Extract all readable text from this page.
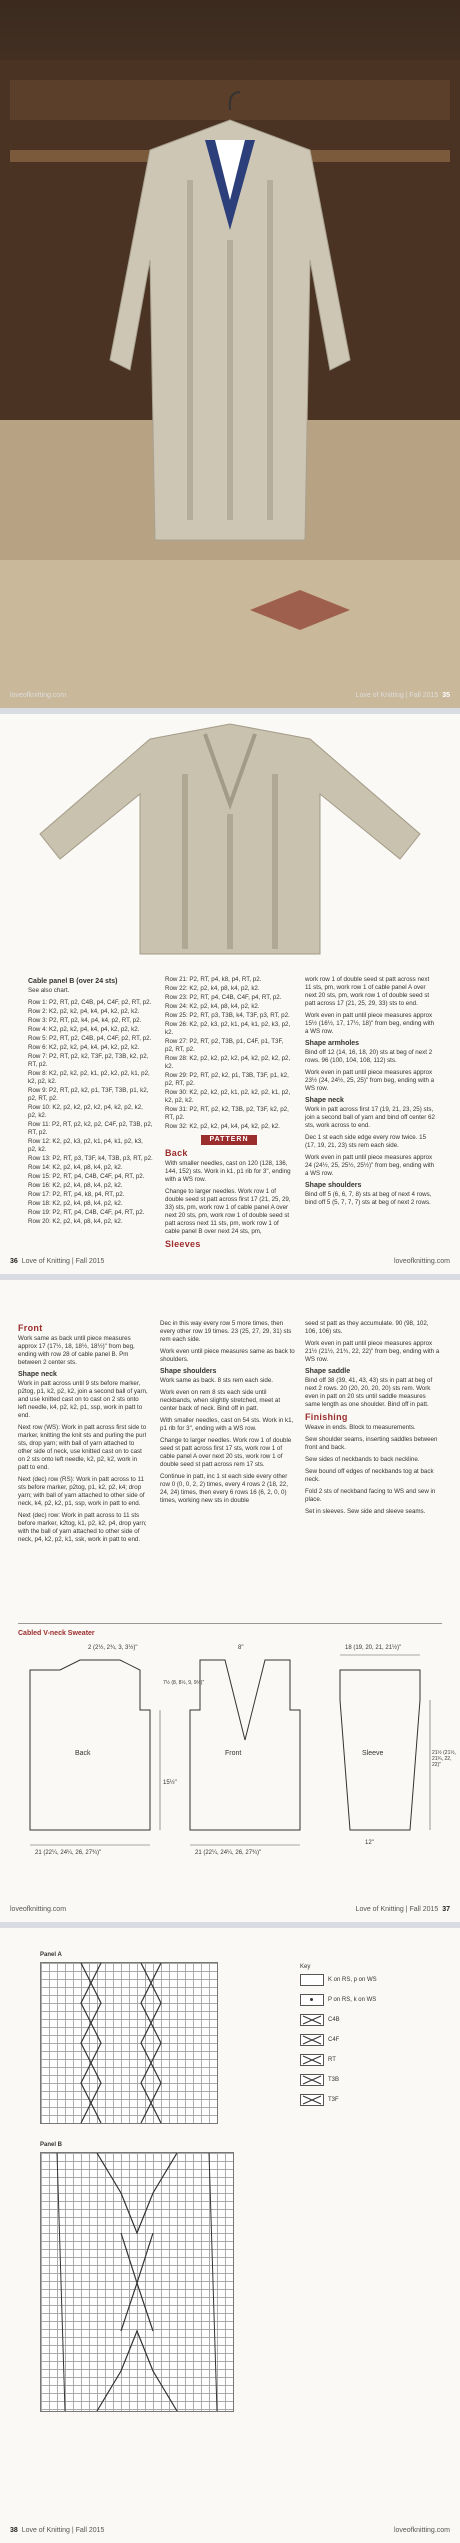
loveofknitting.com	Love of Knitting | Fall 2015 35
Cable panel B (over 24 sts)

See also chart.

Row 1: P2, RT, p2, C4B, p4, C4F, p2, RT, p2.

Row 2: K2, p2, k2, p4, k4, p4, k2, p2, k2.

Row 3: P2, RT, p2, k4, p4, k4, p2, RT, p2.

Row 4: K2, p2, k2, p4, k4, p4, k2, p2, k2.

Row 5: P2, RT, p2, C4B, p4, C4F, p2, RT, p2.

Row 6: K2, p2, k2, p4, k4, p4, k2, p2, k2.

Row 7: P2, RT, p2, k2, T3F, p2, T3B, k2, p2, RT, p2.

Row 8: K2, p2, k2, p2, k1, p2, k2, p2, k1, p2, k2, p2, k2.

Row 9: P2, RT, p2, k2, p1, T3F, T3B, p1, k2, p2, RT, p2.

Row 10: K2, p2, k2, p2, k2, p4, k2, p2, k2, p2, k2.

Row 11: P2, RT, p2, k2, p2, C4F, p2, T3B, p2, RT, p2.

Row 12: K2, p2, k3, p2, k1, p4, k1, p2, k3, p2, k2.

Row 13: P2, RT, p3, T3F, k4, T3B, p3, RT, p2.

Row 14: K2, p2, k4, p8, k4, p2, k2.

Row 15: P2, RT, p4, C4B, C4F, p4, RT, p2.

Row 16: K2, p2, k4, p8, k4, p2, k2.

Row 17: P2, RT, p4, k8, p4, RT, p2.

Row 18: K2, p2, k4, p8, k4, p2, k2.

Row 19: P2, RT, p4, C4B, C4F, p4, RT, p2.

Row 20: K2, p2, k4, p8, k4, p2, k2.

Row 21: P2, RT, p4, k8, p4, RT, p2.

Row 22: K2, p2, k4, p8, k4, p2, k2.

Row 23: P2, RT, p4, C4B, C4F, p4, RT, p2.

Row 24: K2, p2, k4, p8, k4, p2, k2.

Row 25: P2, RT, p3, T3B, k4, T3F, p3, RT, p2.

Row 26: K2, p2, k3, p2, k1, p4, k1, p2, k3, p2, k2.

Row 27: P2, RT, p2, T3B, p1, C4F, p1, T3F, p2, RT, p2.

Row 28: K2, p2, k2, p2, k2, p4, k2, p2, k2, p2, k2.

Row 29: P2, RT, p2, k2, p1, T3B, T3F, p1, k2, p2, RT, p2.

Row 30: K2, p2, k2, p2, k1, p2, k2, p2, k1, p2, k2, p2, k2.

Row 31: P2, RT, p2, k2, T3B, p2, T3F, k2, p2, RT, p2.

Row 32: K2, p2, k2, p4, k4, p4, k2, p2, k2.

PATTERN
Back

With smaller needles, cast on 120 (128, 136, 144, 152) sts. Work in k1, p1 rib for 3", ending with a WS row.

Change to larger needles. Work row 1 of double seed st patt across first 17 (21, 25, 29, 33) sts, pm, work row 1 of cable panel A over next 20 sts, pm, work row 1 of double seed st patt across next 11 sts, pm, work row 1 of cable panel B over next 24 sts, pm,

Sleeves

work row 1 of double seed st patt across next 11 sts, pm, work row 1 of cable panel A over next 20 sts, pm, work row 1 of double seed st patt across 17 (21, 25, 29, 33) sts to end.

Work even in patt until piece measures approx 15½ (16½, 17, 17½, 18)" from beg, ending with a WS row.

Shape armholes

Bind off 12 (14, 16, 18, 20) sts at beg of next 2 rows. 96 (100, 104, 108, 112) sts.

Work even in patt until piece measures approx 23½ (24, 24½, 25, 25)" from beg, ending with a WS row.

Shape neck

Work in patt across first 17 (19, 21, 23, 25) sts, join a second ball of yarn and bind off center 62 sts, work across to end.

Dec 1 st each side edge every row twice. 15 (17, 19, 21, 23) sts rem each side.

Work even in patt until piece measures approx 24 (24½, 25, 25½, 25½)" from beg, ending with a WS row.

Shape shoulders

Bind off 5 (6, 6, 7, 8) sts at beg of next 4 rows, bind off 5 (5, 7, 7, 7) sts at beg of next 2 rows.

36 Love of Knitting | Fall 2015	loveofknitting.com
Front

Work same as back until piece measures approx 17 (17½, 18, 18½, 18½)" from beg, ending with row 28 of cable panel B. Pm between 2 center sts.

Shape neck

Work in patt across until 9 sts before marker, p2tog, p1, k2, p2, k2, join a second ball of yarn, and use knitted cast on to cast on 2 sts onto left needle, k4, p2, k2, p1, ssp, work in patt to end.

Next row (WS): Work in patt across first side to marker, knitting the knit sts and purling the purl sts, drop yarn; with ball of yarn attached to other side of neck, use knitted cast on to cast on 2 sts onto left needle, k2, p2, k2, work in patt to end.

Next (dec) row (RS): Work in patt across to 11 sts before marker, p2tog, p1, k2, p2, k4; drop yarn; with ball of yarn attached to other side of neck, k4, p2, k2, p1, ssp, work in patt to end.

Next (dec) row: Work in patt across to 11 sts before marker, k2tog, k1, p2, k2, p4, drop yarn; with the ball of yarn attached to other side of neck, p4, k2, p2, k1, ssk, work in patt to end.

Dec in this way every row 5 more times, then every other row 19 times. 23 (25, 27, 29, 31) sts rem each side.

Work even until piece measures same as back to shoulders.

Shape shoulders

Work same as back. 8 sts rem each side.

Work even on rem 8 sts each side until neckbands, when slightly stretched, meet at center back of neck. Bind off in patt.

With smaller needles, cast on 54 sts. Work in k1, p1 rib for 3", ending with a WS row.

Change to larger needles. Work row 1 of double seed st patt across first 17 sts, work row 1 of cable panel A over next 20 sts, work row 1 of double seed st patt across rem 17 sts.

Continue in patt, inc 1 st each side every other row 0 (0, 0, 2, 2) times, every 4 rows 2 (18, 22, 24, 24) times, then every 6 rows 16 (6, 2, 0, 0) times, working new sts in double

seed st patt as they accumulate. 90 (98, 102, 106, 106) sts.

Work even in patt until piece measures approx 21½ (21½, 21¾, 22, 22)" from beg, ending with a WS row.

Shape saddle

Bind off 38 (39, 41, 43, 43) sts in patt at beg of next 2 rows. 20 (20, 20, 20, 20) sts rem. Work even in patt on 20 sts until saddle measures same length as one shoulder. Bind off in patt.

Finishing

Weave in ends. Block to measurements.

Sew shoulder seams, inserting saddles between front and back.

Sew sides of neckbands to back neckline.

Sew bound off edges of neckbands tog at back neck.

Fold 2 sts of neckband facing to WS and sew in place.

Set in sleeves. Sew side and sleeve seams.

Cabled V-neck Sweater
Back	Front	Sleeve
21 (22¼, 24¼, 26, 27¾)"	21 (22¼, 24¼, 26, 27¾)"
18 (19, 20, 21, 21½)"
8"
2 (2½, 2¾, 3, 3½)"
15½"
7½ (8, 8½, 9, 9½)"
12"
21½ (21½, 21¾, 22, 22)"
loveofknitting.com	Love of Knitting | Fall 2015 37
Panel A
Panel B
Key
K on RS, p on WS
P on RS, k on WS
C4B
C4F
RT
T3B
T3F
38 Love of Knitting | Fall 2015	loveofknitting.com
